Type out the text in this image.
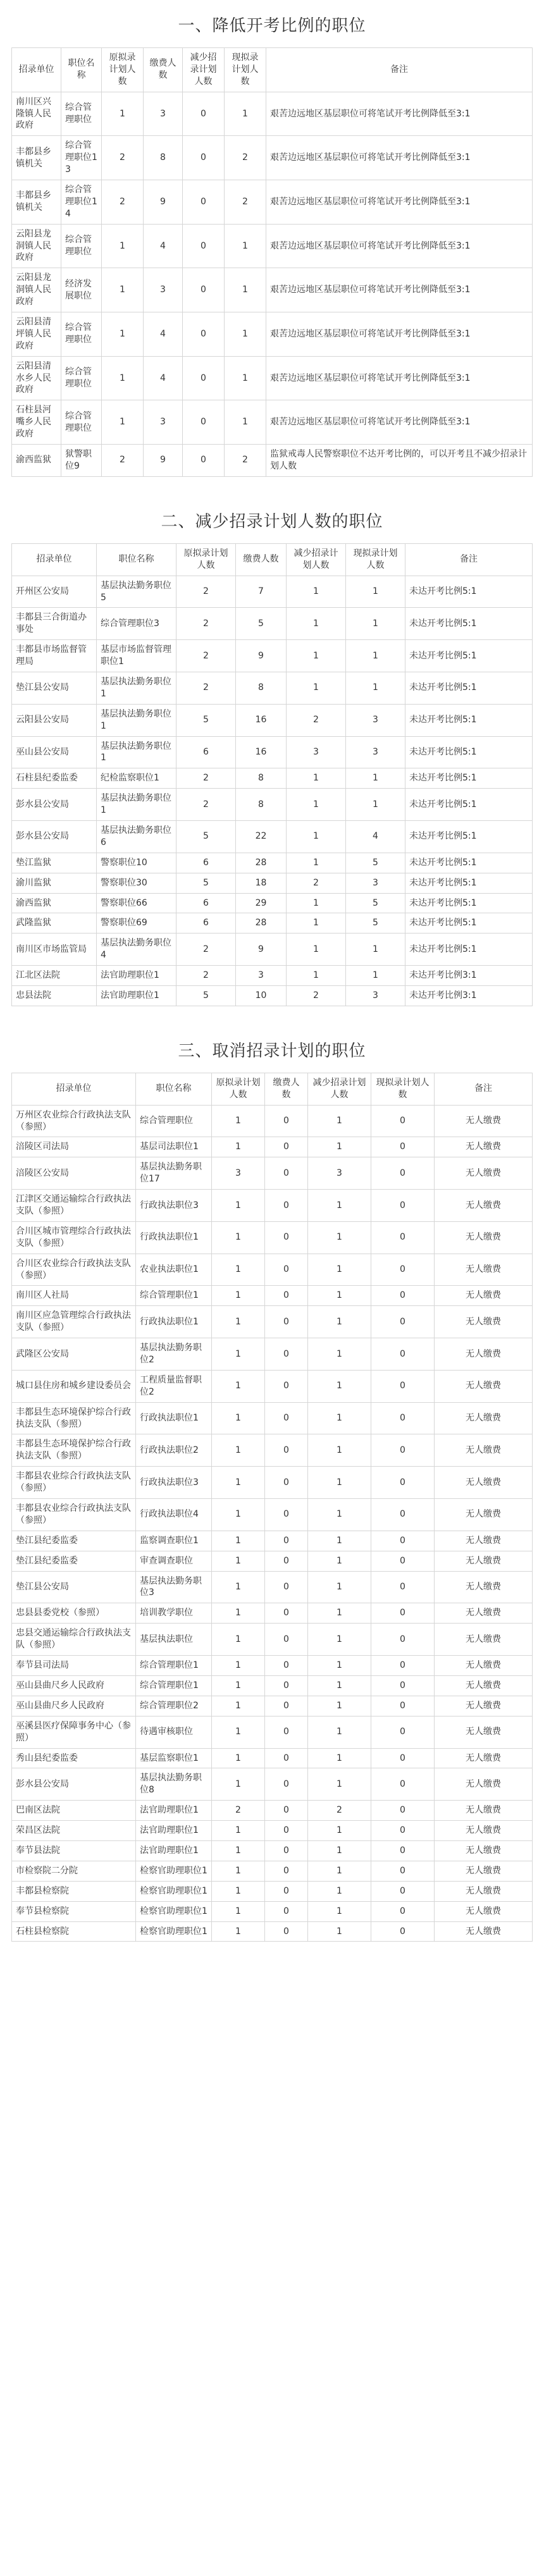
一、降低开考比例的职位
招录单位	职位名称	原拟录计划人数	缴费人数	减少招录计划人数	现拟录计划人数	备注
南川区兴隆镇人民政府	综合管理职位	1	3	0	1	艰苦边远地区基层职位可将笔试开考比例降低至3:1
丰都县乡镇机关	综合管理职位13	2	8	0	2	艰苦边远地区基层职位可将笔试开考比例降低至3:1
丰都县乡镇机关	综合管理职位14	2	9	0	2	艰苦边远地区基层职位可将笔试开考比例降低至3:1
云阳县龙洞镇人民政府	综合管理职位	1	4	0	1	艰苦边远地区基层职位可将笔试开考比例降低至3:1
云阳县龙洞镇人民政府	经济发展职位	1	3	0	1	艰苦边远地区基层职位可将笔试开考比例降低至3:1
云阳县清坪镇人民政府	综合管理职位	1	4	0	1	艰苦边远地区基层职位可将笔试开考比例降低至3:1
云阳县清水乡人民政府	综合管理职位	1	4	0	1	艰苦边远地区基层职位可将笔试开考比例降低至3:1
石柱县河嘴乡人民政府	综合管理职位	1	3	0	1	艰苦边远地区基层职位可将笔试开考比例降低至3:1
渝西监狱	狱警职位9	2	9	0	2	监狱戒毒人民警察职位不达开考比例的，可以开考且不减少招录计划人数
二、减少招录计划人数的职位
招录单位	职位名称	原拟录计划人数	缴费人数	减少招录计划人数	现拟录计划人数	备注
开州区公安局	基层执法勤务职位5	2	7	1	1	未达开考比例5:1
丰都县三合街道办事处	综合管理职位3	2	5	1	1	未达开考比例5:1
丰都县市场监督管理局	基层市场监督管理职位1	2	9	1	1	未达开考比例5:1
垫江县公安局	基层执法勤务职位1	2	8	1	1	未达开考比例5:1
云阳县公安局	基层执法勤务职位1	5	16	2	3	未达开考比例5:1
巫山县公安局	基层执法勤务职位1	6	16	3	3	未达开考比例5:1
石柱县纪委监委	纪检监察职位1	2	8	1	1	未达开考比例5:1
彭水县公安局	基层执法勤务职位1	2	8	1	1	未达开考比例5:1
彭水县公安局	基层执法勤务职位6	5	22	1	4	未达开考比例5:1
垫江监狱	警察职位10	6	28	1	5	未达开考比例5:1
渝川监狱	警察职位30	5	18	2	3	未达开考比例5:1
渝西监狱	警察职位66	6	29	1	5	未达开考比例5:1
武隆监狱	警察职位69	6	28	1	5	未达开考比例5:1
南川区市场监管局	基层执法勤务职位4	2	9	1	1	未达开考比例5:1
江北区法院	法官助理职位1	2	3	1	1	未达开考比例3:1
忠县法院	法官助理职位1	5	10	2	3	未达开考比例3:1
三、取消招录计划的职位
招录单位	职位名称	原拟录计划人数	缴费人数	减少招录计划人数	现拟录计划人数	备注
万州区农业综合行政执法支队（参照）	综合管理职位	1	0	1	0	无人缴费
涪陵区司法局	基层司法职位1	1	0	1	0	无人缴费
涪陵区公安局	基层执法勤务职位17	3	0	3	0	无人缴费
江津区交通运输综合行政执法支队（参照）	行政执法职位3	1	0	1	0	无人缴费
合川区城市管理综合行政执法支队（参照）	行政执法职位1	1	0	1	0	无人缴费
合川区农业综合行政执法支队（参照）	农业执法职位1	1	0	1	0	无人缴费
南川区人社局	综合管理职位1	1	0	1	0	无人缴费
南川区应急管理综合行政执法支队（参照）	行政执法职位1	1	0	1	0	无人缴费
武隆区公安局	基层执法勤务职位2	1	0	1	0	无人缴费
城口县住房和城乡建设委员会	工程质量监督职位2	1	0	1	0	无人缴费
丰都县生态环境保护综合行政执法支队（参照）	行政执法职位1	1	0	1	0	无人缴费
丰都县生态环境保护综合行政执法支队（参照）	行政执法职位2	1	0	1	0	无人缴费
丰都县农业综合行政执法支队（参照）	行政执法职位3	1	0	1	0	无人缴费
丰都县农业综合行政执法支队（参照）	行政执法职位4	1	0	1	0	无人缴费
垫江县纪委监委	监察调查职位1	1	0	1	0	无人缴费
垫江县纪委监委	审查调查职位	1	0	1	0	无人缴费
垫江县公安局	基层执法勤务职位3	1	0	1	0	无人缴费
忠县县委党校（参照）	培训教学职位	1	0	1	0	无人缴费
忠县交通运输综合行政执法支队（参照）	基层执法职位	1	0	1	0	无人缴费
奉节县司法局	综合管理职位1	1	0	1	0	无人缴费
巫山县曲尺乡人民政府	综合管理职位1	1	0	1	0	无人缴费
巫山县曲尺乡人民政府	综合管理职位2	1	0	1	0	无人缴费
巫溪县医疗保障事务中心（参照）	待遇审核职位	1	0	1	0	无人缴费
秀山县纪委监委	基层监察职位1	1	0	1	0	无人缴费
彭水县公安局	基层执法勤务职位8	1	0	1	0	无人缴费
巴南区法院	法官助理职位1	2	0	2	0	无人缴费
荣昌区法院	法官助理职位1	1	0	1	0	无人缴费
奉节县法院	法官助理职位1	1	0	1	0	无人缴费
市检察院二分院	检察官助理职位1	1	0	1	0	无人缴费
丰都县检察院	检察官助理职位1	1	0	1	0	无人缴费
奉节县检察院	检察官助理职位1	1	0	1	0	无人缴费
石柱县检察院	检察官助理职位1	1	0	1	0	无人缴费
